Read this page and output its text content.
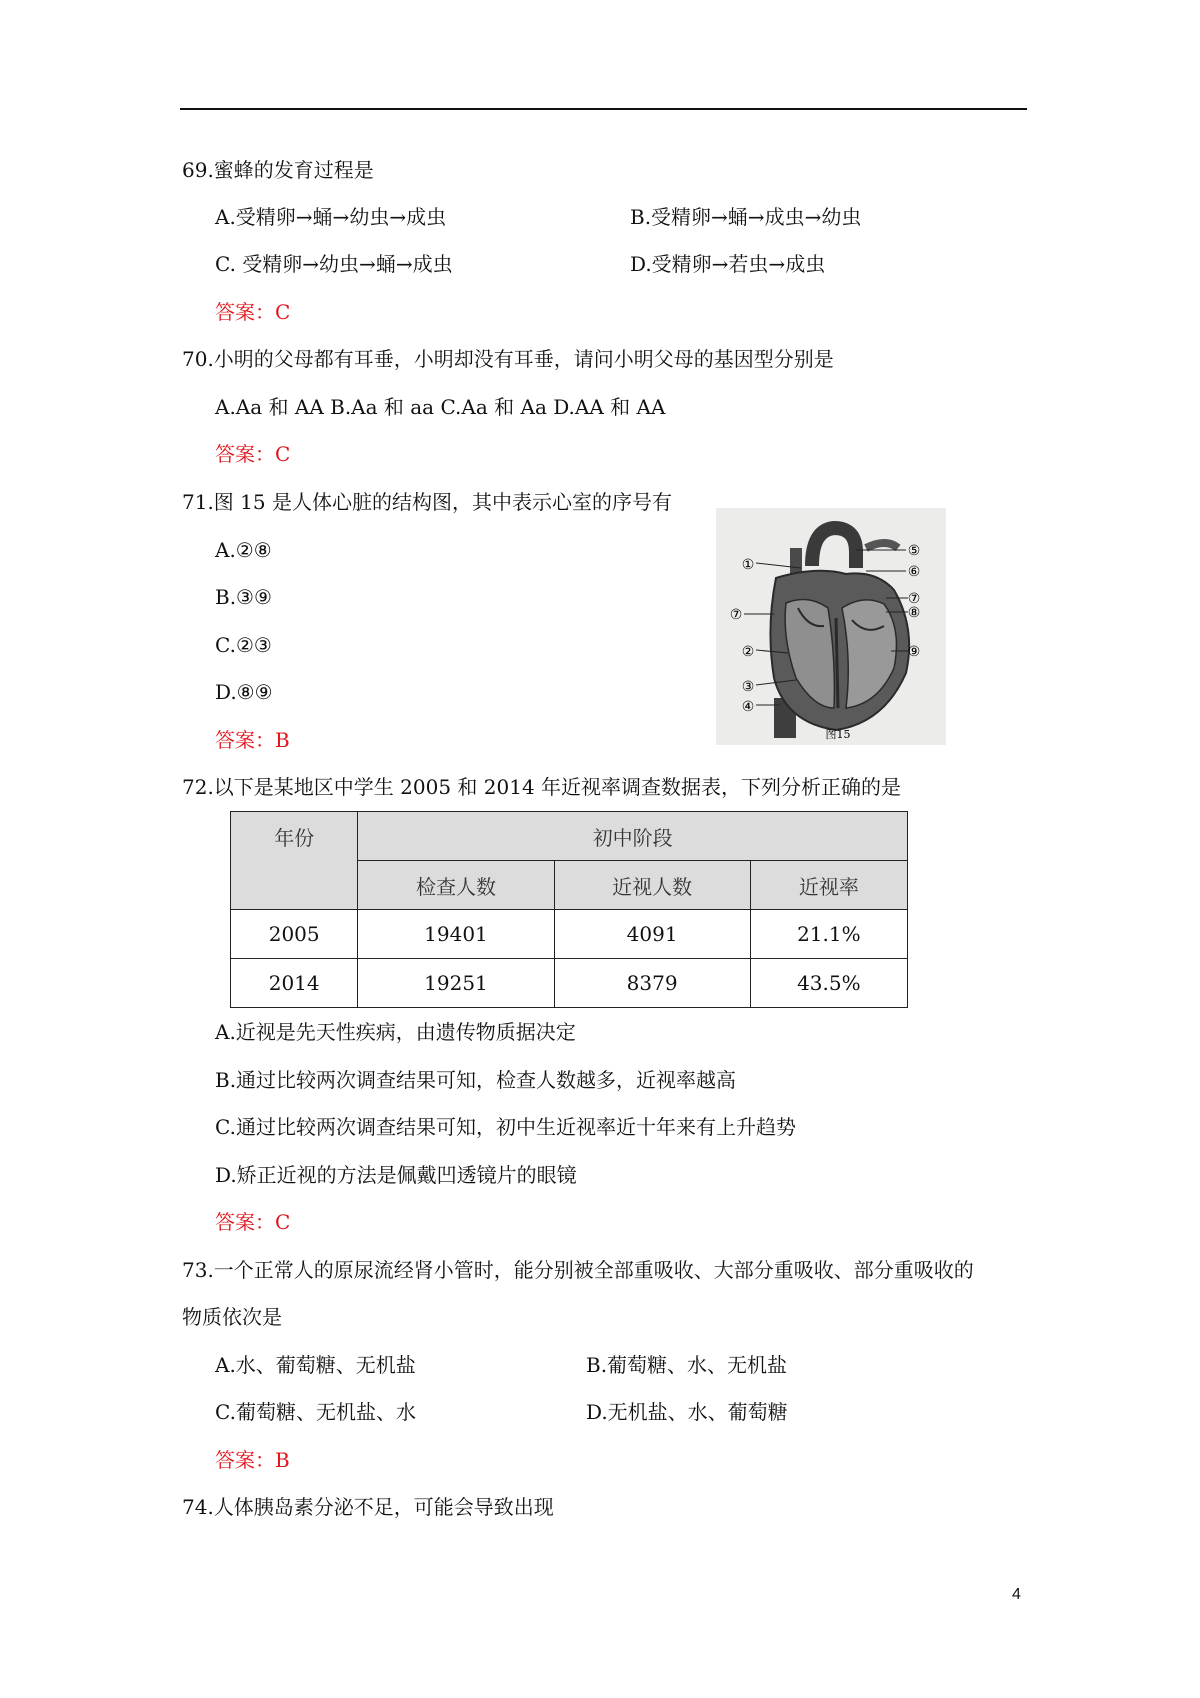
69.蜜蜂的发育过程是
A.受精卵→蛹→幼虫→成虫	B.受精卵→蛹→成虫→幼虫
C. 受精卵→幼虫→蛹→成虫	D.受精卵→若虫→成虫
答案：C
70.小明的父母都有耳垂，小明却没有耳垂，请问小明父母的基因型分别是
A.Aa 和 AA B.Aa 和 aa C.Aa 和 Aa D.AA 和 AA
答案：C
71.图 15 是人体心脏的结构图，其中表示心室的序号有
A.②⑧
B.③⑨
C.②③
D.⑧⑨
答案：B
①
②
③
④
⑤
⑥
⑦
⑧
⑨
⑦
图15
72.以下是某地区中学生 2005 和 2014 年近视率调查数据表，下列分析正确的是
年份	初中阶段		
	检查人数	近视人数	近视率
2005	19401	4091	21.1%
2014	19251	8379	43.5%
A.近视是先天性疾病，由遗传物质据决定
B.通过比较两次调查结果可知，检查人数越多，近视率越高
C.通过比较两次调查结果可知，初中生近视率近十年来有上升趋势
D.矫正近视的方法是佩戴凹透镜片的眼镜
答案：C
73.一个正常人的原尿流经肾小管时，能分别被全部重吸收、大部分重吸收、部分重吸收的
物质依次是
A.水、葡萄糖、无机盐	B.葡萄糖、水、无机盐
C.葡萄糖、无机盐、水	D.无机盐、水、葡萄糖
答案：B
74.人体胰岛素分泌不足，可能会导致出现
4
